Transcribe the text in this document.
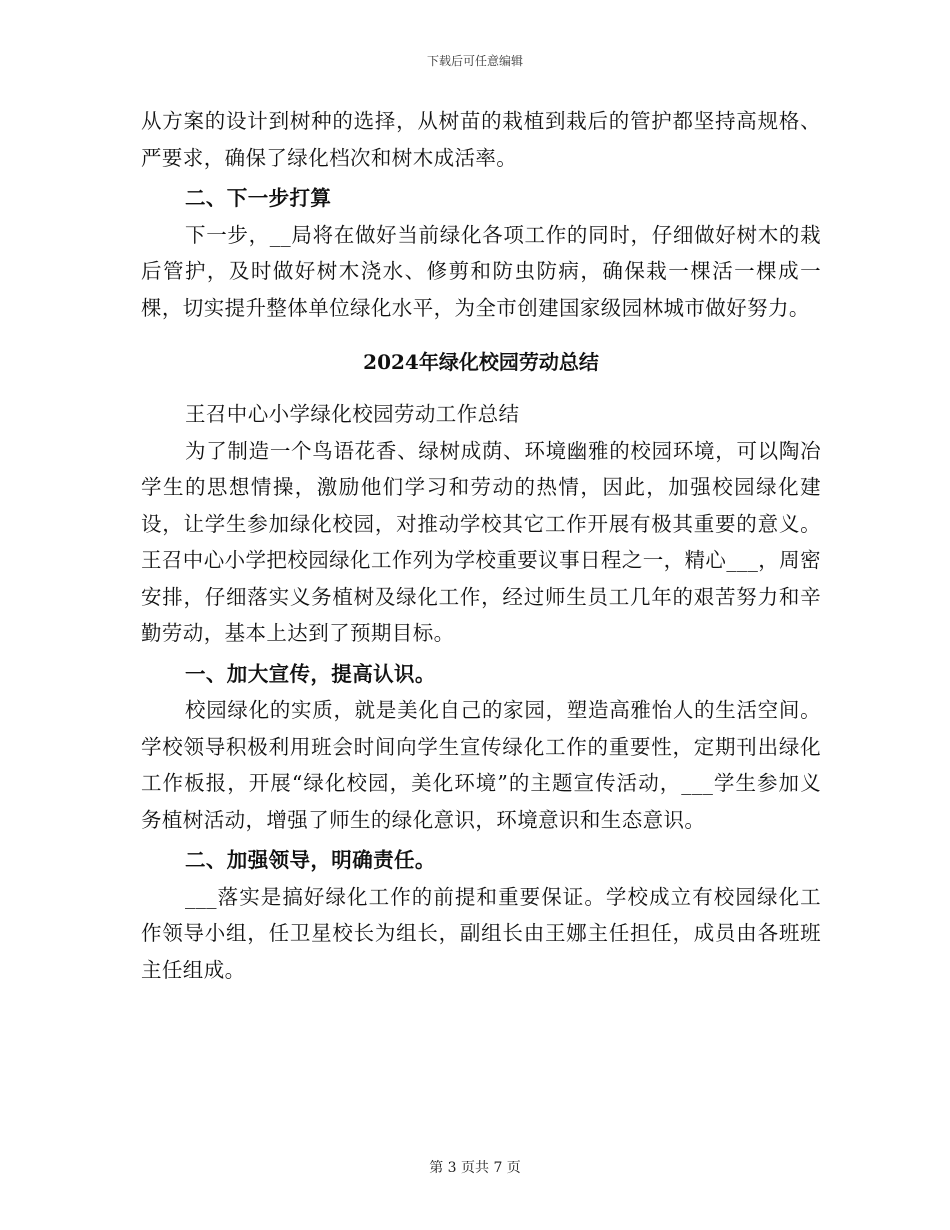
下载后可任意编辑

从方案的设计到树种的选择，从树苗的栽植到栽后的管护都坚持高规格、严要求，确保了绿化档次和树木成活率。

二、下一步打算

下一步，__局将在做好当前绿化各项工作的同时，仔细做好树木的栽后管护，及时做好树木浇水、修剪和防虫防病，确保栽一棵活一棵成一棵，切实提升整体单位绿化水平，为全市创建国家级园林城市做好努力。

2024年绿化校园劳动总结

王召中心小学绿化校园劳动工作总结

为了制造一个鸟语花香、绿树成荫、环境幽雅的校园环境，可以陶冶学生的思想情操，激励他们学习和劳动的热情，因此，加强校园绿化建设，让学生参加绿化校园，对推动学校其它工作开展有极其重要的意义。王召中心小学把校园绿化工作列为学校重要议事日程之一，精心___，周密安排，仔细落实义务植树及绿化工作，经过师生员工几年的艰苦努力和辛勤劳动，基本上达到了预期目标。

一、加大宣传，提高认识。

校园绿化的实质，就是美化自己的家园，塑造高雅怡人的生活空间。学校领导积极利用班会时间向学生宣传绿化工作的重要性，定期刊出绿化工作板报，开展“绿化校园，美化环境”的主题宣传活动，___学生参加义务植树活动，增强了师生的绿化意识，环境意识和生态意识。

二、加强领导，明确责任。

___落实是搞好绿化工作的前提和重要保证。学校成立有校园绿化工作领导小组，任卫星校长为组长，副组长由王娜主任担任，成员由各班班主任组成。

第 3 页共 7 页
